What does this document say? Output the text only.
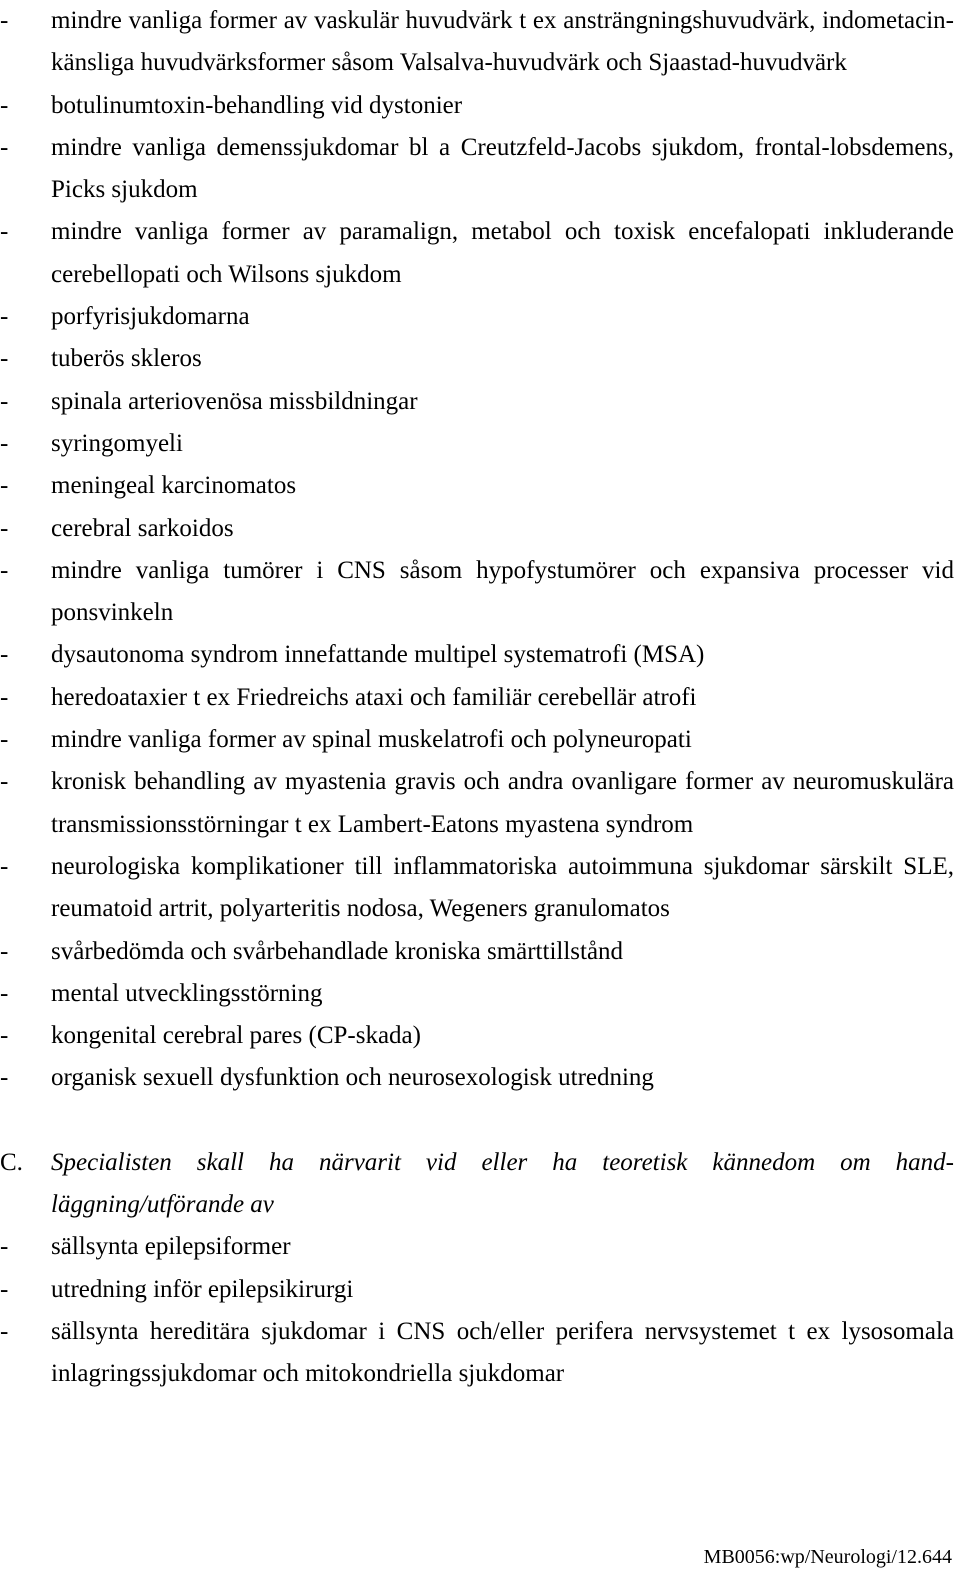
-	mindre vanliga former av vaskulär huvudvärk t ex ansträngningshuvudvärk, indometacin-känsliga huvudvärksformer såsom Valsalva-huvudvärk och Sjaastad-huvudvärk
-	botulinumtoxin-behandling vid dystonier
-	mindre vanliga demenssjukdomar bl a Creutzfeld-Jacobs sjukdom, frontal-lobsdemens, Picks sjukdom
-	mindre vanliga former av paramalign, metabol och toxisk encefalopati inkluderande cerebellopati och Wilsons sjukdom
-	porfyrisjukdomarna
-	tuberös skleros
-	spinala arteriovenösa missbildningar
-	syringomyeli
-	meningeal karcinomatos
-	cerebral sarkoidos
-	mindre vanliga tumörer i CNS såsom hypofystumörer och expansiva processer vid ponsvinkeln
-	dysautonoma syndrom innefattande multipel systematrofi (MSA)
-	heredoataxier t ex Friedreichs ataxi och familiär cerebellär atrofi
-	mindre vanliga former av spinal muskelatrofi och polyneuropati
-	kronisk behandling av myastenia gravis och andra ovanligare former av neuromuskulära transmissionsstörningar t ex Lambert-Eatons myastena syndrom
-	neurologiska komplikationer till inflammatoriska autoimmuna sjukdomar särskilt SLE, reumatoid artrit, polyarteritis nodosa, Wegeners granulomatos
-	svårbedömda och svårbehandlade kroniska smärttillstånd
-	mental utvecklingsstörning
-	kongenital cerebral pares (CP-skada)
-	organisk sexuell dysfunktion och neurosexologisk utredning
C. Specialisten skall ha närvarit vid eller ha teoretisk kännedom om hand-läggning/utförande av
-	sällsynta epilepsiformer
-	utredning inför epilepsikirurgi
-	sällsynta hereditära sjukdomar i CNS och/eller perifera nervsystemet t ex lysosomala inlagringssjukdomar och mitokondriella sjukdomar
MB0056:wp/Neurologi/12.644
